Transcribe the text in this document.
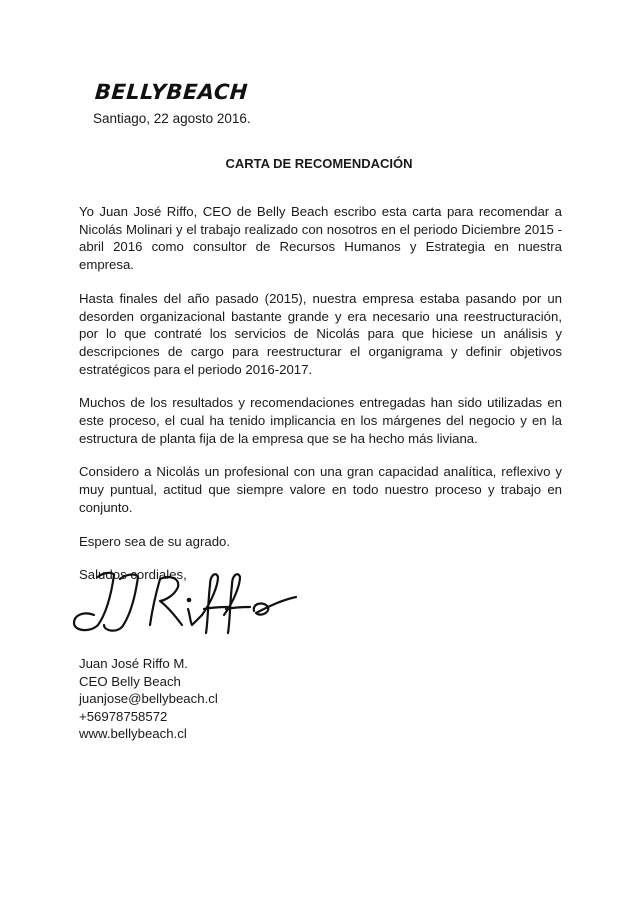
BELLYBEACH
Santiago, 22 agosto 2016.
CARTA DE RECOMENDACIÓN

Yo Juan José Riffo, CEO de Belly Beach escribo esta carta para recomendar a Nicolás Molinari y el trabajo realizado con nosotros en el periodo Diciembre 2015 - abril 2016 como consultor de Recursos Humanos y Estrategia en nuestra empresa.

Hasta finales del año pasado (2015), nuestra empresa estaba pasando por un desorden organizacional bastante grande y era necesario una reestructuración, por lo que contraté los servicios de Nicolás para que hiciese un análisis y descripciones de cargo para reestructurar el organigrama y definir objetivos estratégicos para el periodo 2016-2017.

Muchos de los resultados y recomendaciones entregadas han sido utilizadas en este proceso, el cual ha tenido implicancia en los márgenes del negocio y en la estructura de planta fija de la empresa que se ha hecho más liviana.

Considero a Nicolás un profesional con una gran capacidad analítica, reflexivo y muy puntual, actitud que siempre valore en todo nuestro proceso y trabajo en conjunto.

Espero sea de su agrado.

Saludos cordiales,

Juan José Riffo M.
CEO Belly Beach
juanjose@bellybeach.cl
+56978758572
www.bellybeach.cl
